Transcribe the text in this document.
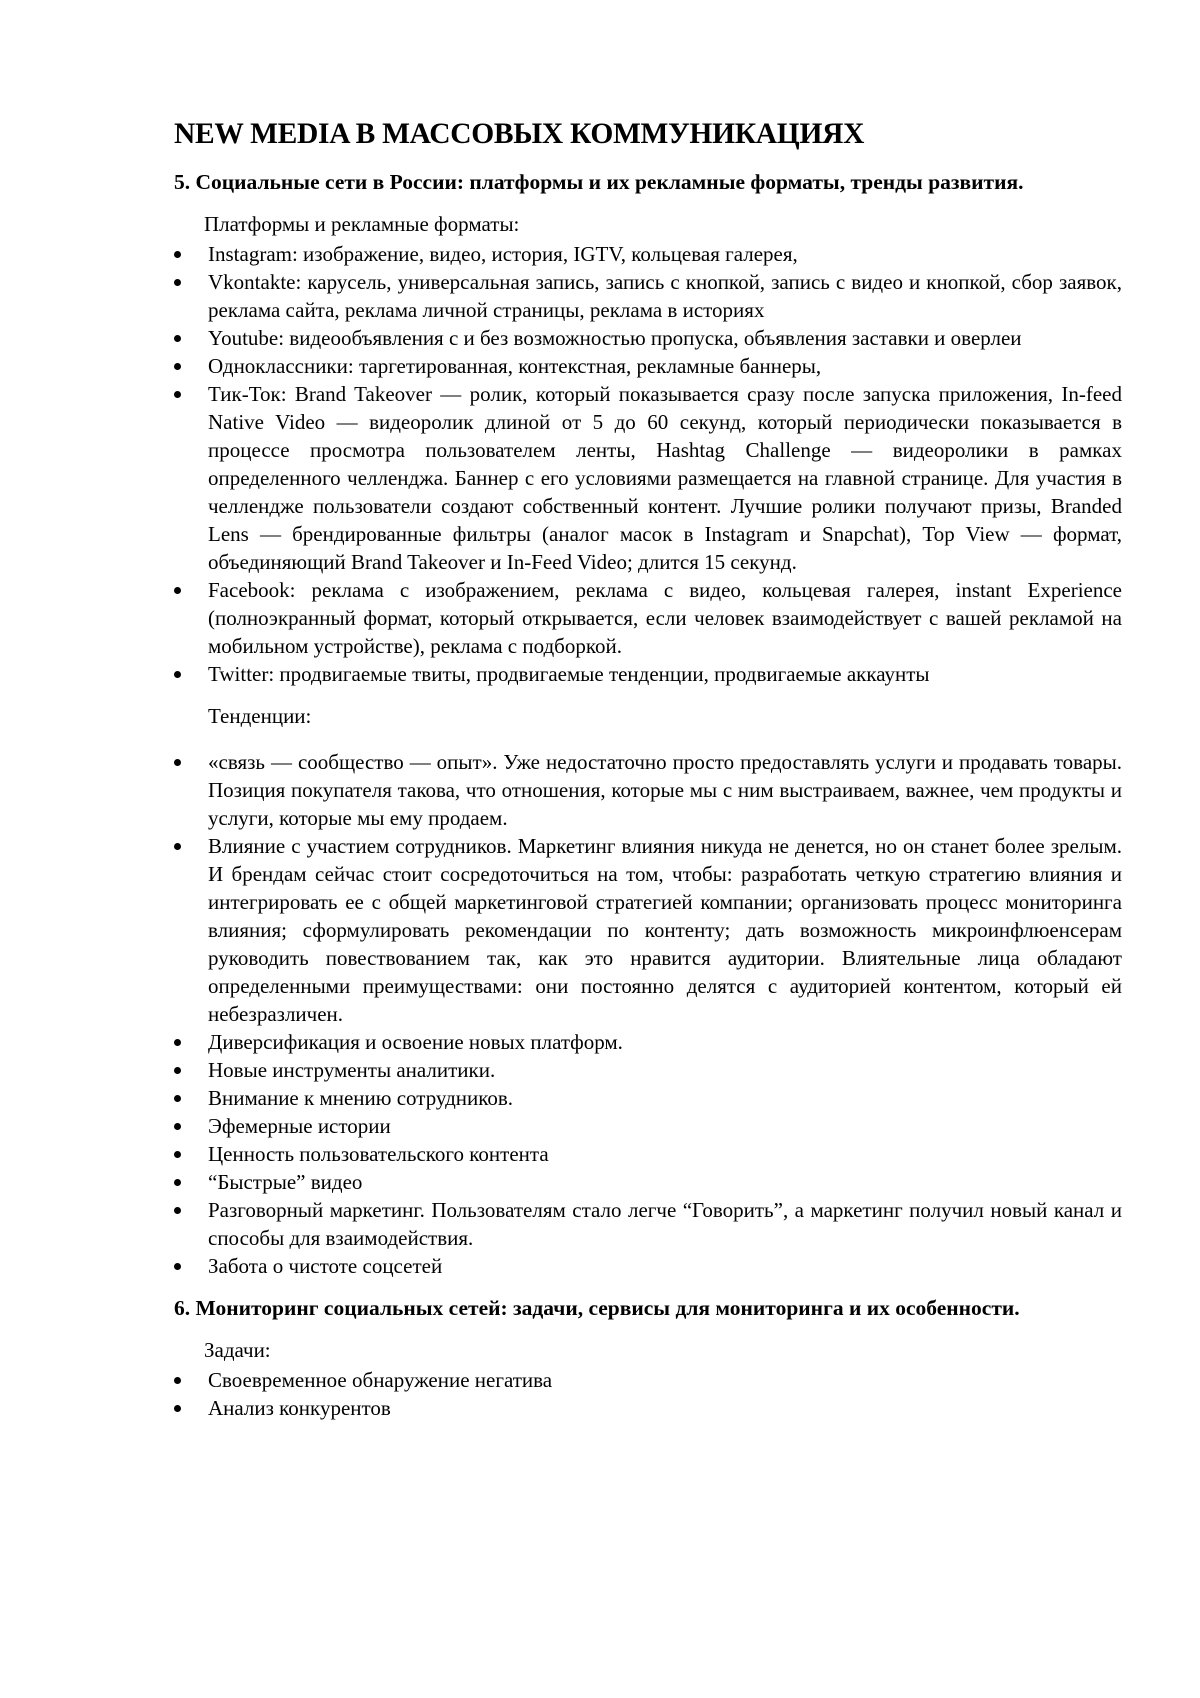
NEW MEDIA В МАССОВЫХ КОММУНИКАЦИЯХ
5. Социальные сети в России: платформы и их рекламные форматы, тренды развития.

Платформы и рекламные форматы:

Instagram: изображение, видео, история, IGTV, кольцевая галерея,
Vkontakte: карусель, универсальная запись, запись с кнопкой, запись с видео и кнопкой, сбор заявок, реклама сайта, реклама личной страницы, реклама в историях
Youtube: видеообъявления с и без возможностью пропуска, объявления заставки и оверлеи
Одноклассники: таргетированная, контекстная, рекламные баннеры,
Тик-Ток: Brand Takeover — ролик, который показывается сразу после запуска приложения, In-feed Native Video — видеоролик длиной от 5 до 60 секунд, который периодически показывается в процессе просмотра пользователем ленты, Hashtag Challenge — видеоролики в рамках определенного челленджа. Баннер с его условиями размещается на главной странице. Для участия в челлендже пользователи создают собственный контент. Лучшие ролики получают призы, Branded Lens — брендированные фильтры (аналог масок в Instagram и Snapchat), Top View — формат, объединяющий Brand Takeover и In-Feed Video; длится 15 секунд.
Facebook: реклама с изображением, реклама с видео, кольцевая галерея, instant Experience (полноэкранный формат, который открывается, если человек взаимодействует с вашей рекламой на мобильном устройстве), реклама с подборкой.
Twitter: продвигаемые твиты, продвигаемые тенденции, продвигаемые аккаунты

Тенденции:

«связь — сообщество — опыт». Уже недостаточно просто предоставлять услуги и продавать товары. Позиция покупателя такова, что отношения, которые мы с ним выстраиваем, важнее, чем продукты и услуги, которые мы ему продаем.
Влияние с участием сотрудников. Маркетинг влияния никуда не денется, но он станет более зрелым. И брендам сейчас стоит сосредоточиться на том, чтобы: разработать четкую стратегию влияния и интегрировать ее с общей маркетинговой стратегией компании; организовать процесс мониторинга влияния; сформулировать рекомендации по контенту; дать возможность микроинфлюенсерам руководить повествованием так, как это нравится аудитории. Влиятельные лица обладают определенными преимуществами: они постоянно делятся с аудиторией контентом, который ей небезразличен.
Диверсификация и освоение новых платформ.
Новые инструменты аналитики.
Внимание к мнению сотрудников.
Эфемерные истории
Ценность пользовательского контента
“Быстрые” видео
Разговорный маркетинг. Пользователям стало легче “Говорить”, а маркетинг получил новый канал и способы для взаимодействия.
Забота о чистоте соцсетей
6. Мониторинг социальных сетей: задачи, сервисы для мониторинга и их особенности.

Задачи:

Своевременное обнаружение негатива
Анализ конкурентов
